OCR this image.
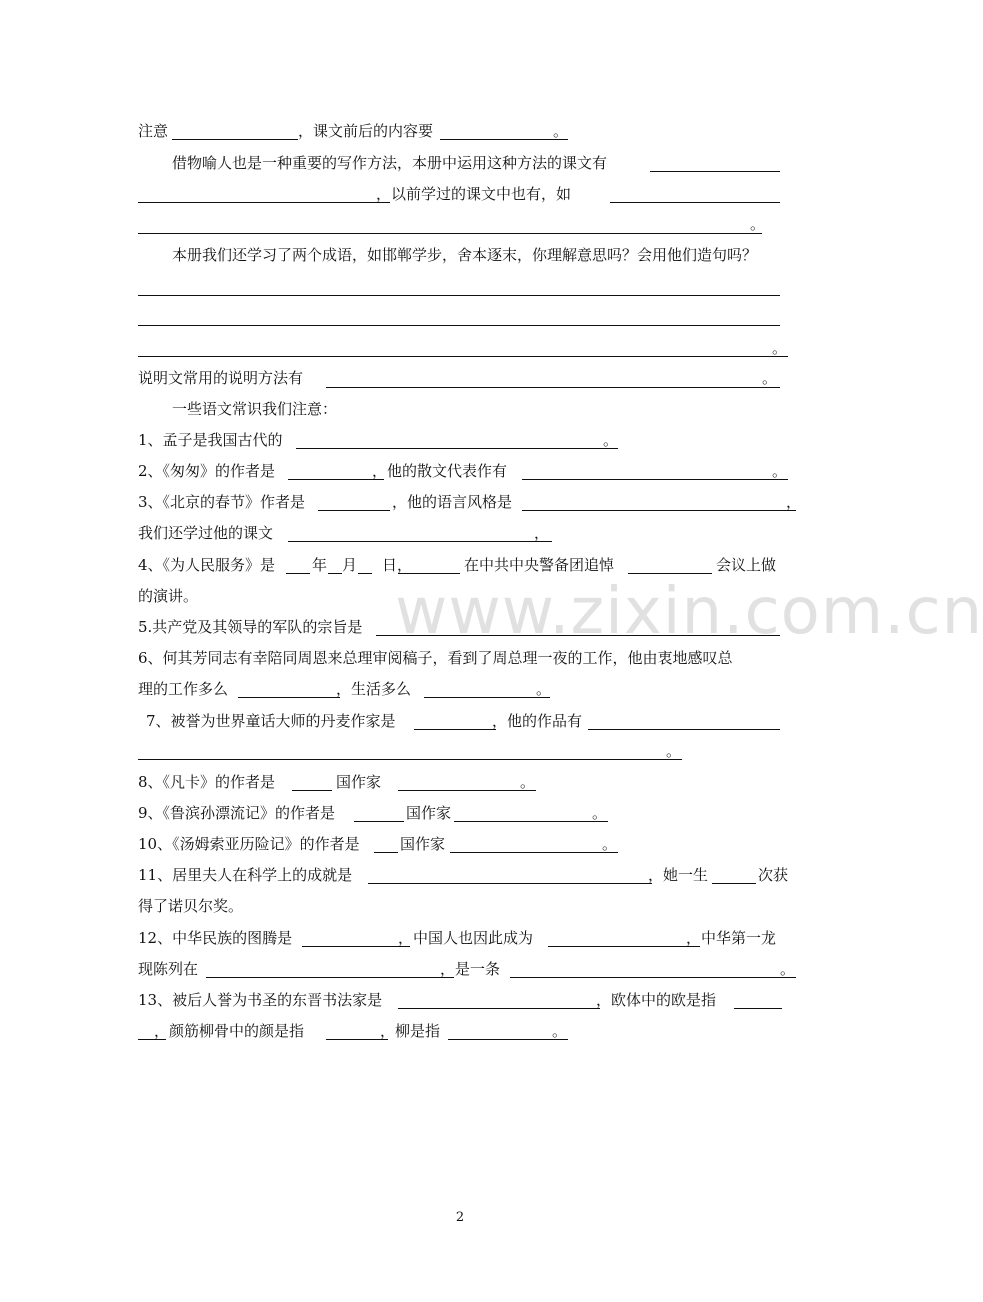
www.zixin.com.cn
注意	，课文前后的内容要	。
借物喻人也是一种重要的写作方法，本册中运用这种方法的课文有
，以前学过的课文中也有，如
。
本册我们还学习了两个成语，如邯郸学步，舍本逐末，你理解意思吗？会用他们造句吗？
。
说明文常用的说明方法有	。
一些语文常识我们注意：
1、孟子是我国古代的	。
2、《匆匆》的作者是	，他的散文代表作有	。
3、《北京的春节》作者是	，他的语言风格是	，
我们还学过他的课文	，
4、《为人民服务》是 年 月 日，	在中共中央警备团追悼	会议上做
的演讲。
5.共产党及其领导的军队的宗旨是
6、何其芳同志有幸陪同周恩来总理审阅稿子，看到了周总理一夜的工作，他由衷地感叹总
理的工作多么	，生活多么	。
7、被誉为世界童话大师的丹麦作家是	，他的作品有
。
8、《凡卡》的作者是	国作家	。
9、《鲁滨孙漂流记》的作者是	国作家	。
10、《汤姆索亚历险记》的作者是	国作家	。
11、居里夫人在科学上的成就是	，她一生	次获
得了诺贝尔奖。
12、中华民族的图腾是	，中国人也因此成为	，中华第一龙
现陈列在	，是一条	。
13、被后人誉为书圣的东晋书法家是	，欧体中的欧是指
，颜筋柳骨中的颜是指	，柳是指	。
2
